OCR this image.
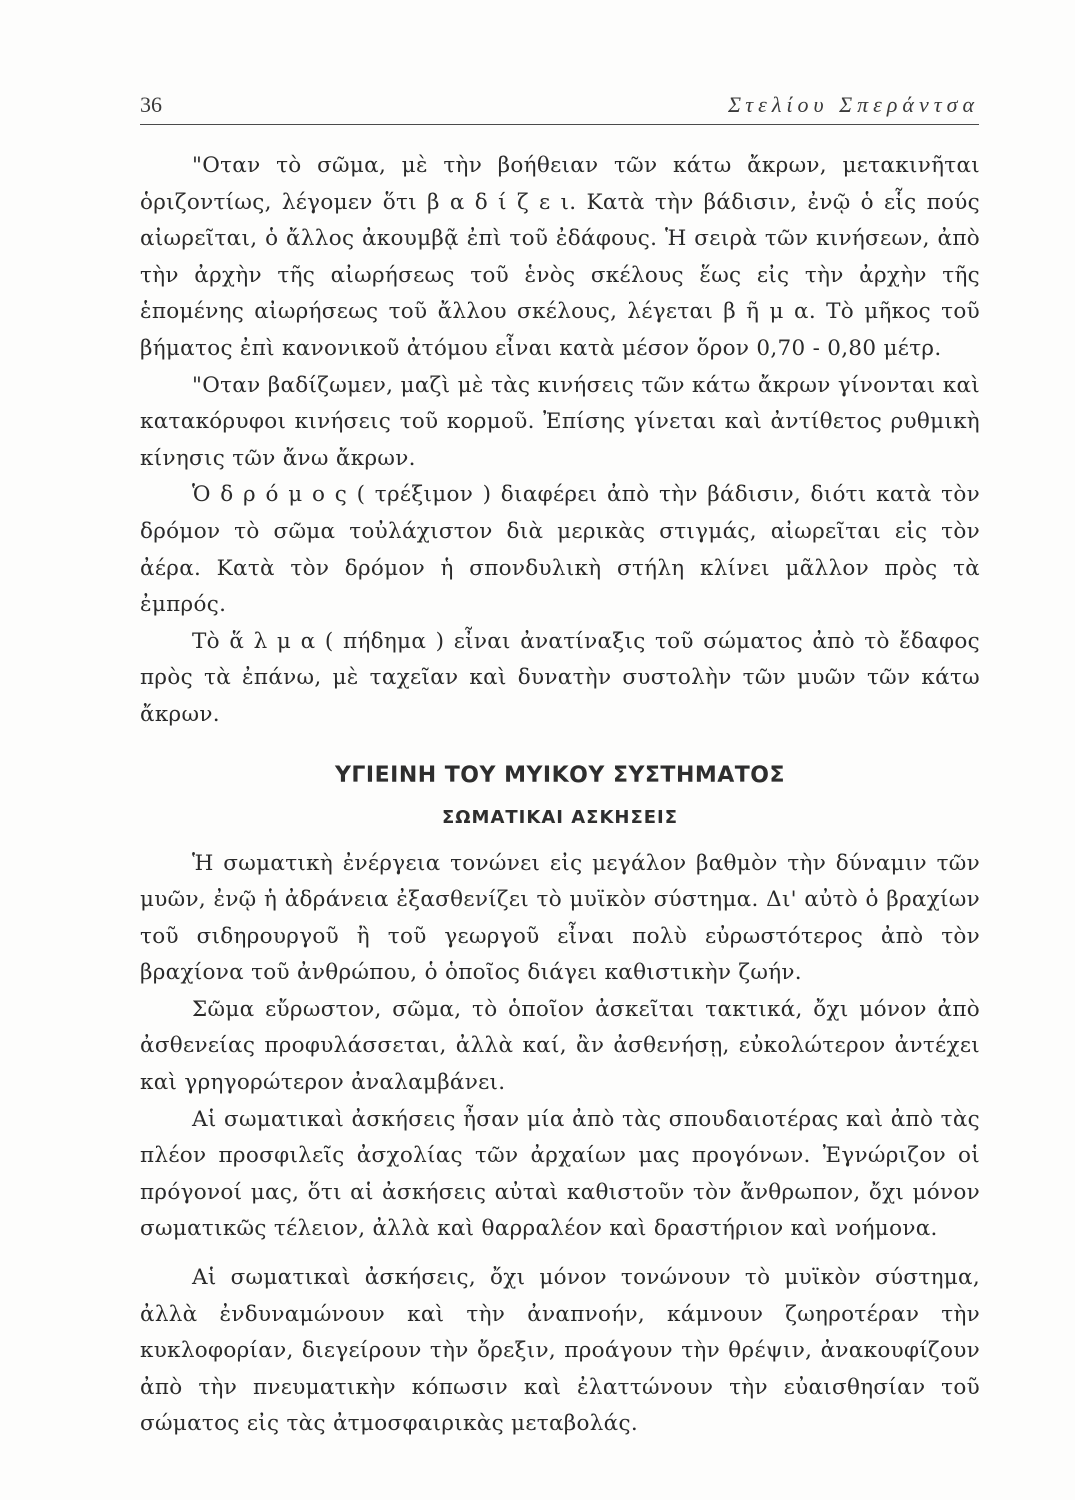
36	Στελίου Σπεράντσα

"Οταν τὸ σῶμα, μὲ τὴν βοήθειαν τῶν κάτω ἄκρων, μετακινῆται ὁριζοντίως, λέγομεν ὅτι β α δ ί ζ ε ι. Κατὰ τὴν βάδισιν, ἐνῷ ὁ εἷς πούς αἰωρεῖται, ὁ ἄλλος ἀκουμβᾷ ἐπὶ τοῦ ἐδάφους. Ἡ σειρὰ τῶν κινήσεων, ἀπὸ τὴν ἀρχὴν τῆς αἰωρήσεως τοῦ ἑνὸς σκέλους ἕως εἰς τὴν ἀρχὴν τῆς ἑπομένης αἰωρήσεως τοῦ ἄλλου σκέλους, λέγεται β ῆ μ α. Τὸ μῆκος τοῦ βήματος ἐπὶ κανονικοῦ ἀτόμου εἶναι κατὰ μέσον ὅρον 0,70 - 0,80 μέτρ.

"Οταν βαδίζωμεν, μαζὶ μὲ τὰς κινήσεις τῶν κάτω ἄκρων γίνονται καὶ κατακόρυφοι κινήσεις τοῦ κορμοῦ. Ἐπίσης γίνεται καὶ ἀντίθετος ρυθμικὴ κίνησις τῶν ἄνω ἄκρων.

Ὁ δ ρ ό μ ο ς ( τρέξιμον ) διαφέρει ἀπὸ τὴν βάδισιν, διότι κατὰ τὸν δρόμον τὸ σῶμα τοὐλάχιστον διὰ μερικὰς στιγμάς, αἰωρεῖται εἰς τὸν ἀέρα. Κατὰ τὸν δρόμον ἡ σπονδυλικὴ στήλη κλίνει μᾶλλον πρὸς τὰ ἐμπρός.

Τὸ ἅ λ μ α ( πήδημα ) εἶναι ἀνατίναξις τοῦ σώματος ἀπὸ τὸ ἔδαφος πρὸς τὰ ἐπάνω, μὲ ταχεῖαν καὶ δυνατὴν συστολὴν τῶν μυῶν τῶν κάτω ἄκρων.

ΥΓΙΕΙΝΗ ΤΟΥ ΜΥΙΚΟΥ ΣΥΣΤΗΜΑΤΟΣ
ΣΩΜΑΤΙΚΑΙ ΑΣΚΗΣΕΙΣ

Ἡ σωματικὴ ἐνέργεια τονώνει εἰς μεγάλον βαθμὸν τὴν δύναμιν τῶν μυῶν, ἐνῷ ἡ ἀδράνεια ἐξασθενίζει τὸ μυϊκὸν σύστημα. Δι' αὐτὸ ὁ βραχίων τοῦ σιδηρουργοῦ ἢ τοῦ γεωργοῦ εἶναι πολὺ εὐρωστότερος ἀπὸ τὸν βραχίονα τοῦ ἀνθρώπου, ὁ ὁποῖος διάγει καθιστικὴν ζωήν.

Σῶμα εὔρωστον, σῶμα, τὸ ὁποῖον ἀσκεῖται τακτικά, ὄχι μόνον ἀπὸ ἀσθενείας προφυλάσσεται, ἀλλὰ καί, ἂν ἀσθενήσῃ, εὐκολώτερον ἀντέχει καὶ γρηγορώτερον ἀναλαμβάνει.

Αἱ σωματικαὶ ἀσκήσεις ἦσαν μία ἀπὸ τὰς σπουδαιοτέρας καὶ ἀπὸ τὰς πλέον προσφιλεῖς ἀσχολίας τῶν ἀρχαίων μας προγόνων. Ἐγνώριζον οἱ πρόγονοί μας, ὅτι αἱ ἀσκήσεις αὐταὶ καθιστοῦν τὸν ἄνθρωπον, ὄχι μόνον σωματικῶς τέλειον, ἀλλὰ καὶ θαρραλέον καὶ δραστήριον καὶ νοήμονα.

Αἱ σωματικαὶ ἀσκήσεις, ὄχι μόνον τονώνουν τὸ μυϊκὸν σύστημα, ἀλλὰ ἐνδυναμώνουν καὶ τὴν ἀναπνοήν, κάμνουν ζωηροτέραν τὴν κυκλοφορίαν, διεγείρουν τὴν ὄρεξιν, προάγουν τὴν θρέψιν, ἀνακουφίζουν ἀπὸ τὴν πνευματικὴν κόπωσιν καὶ ἐλαττώνουν τὴν εὐαισθησίαν τοῦ σώματος εἰς τὰς ἀτμοσφαιρικὰς μεταβολάς.
